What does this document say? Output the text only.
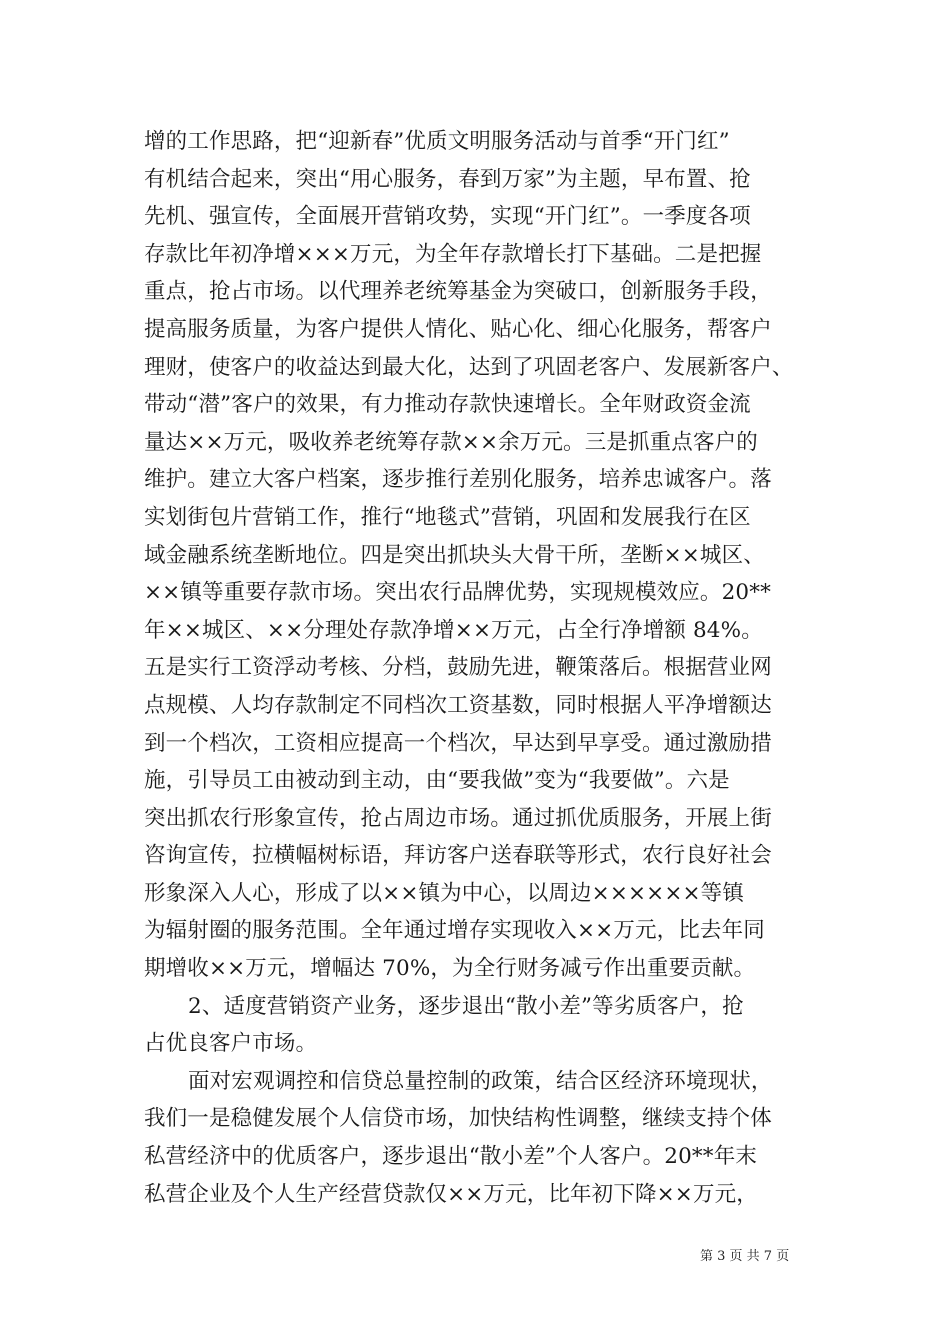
增的工作思路，把“迎新春”优质文明服务活动与首季“开门红”
有机结合起来，突出“用心服务，春到万家”为主题，早布置、抢
先机、强宣传，全面展开营销攻势，实现“开门红”。一季度各项
存款比年初净增×××万元，为全年存款增长打下基础。二是把握
重点，抢占市场。以代理养老统筹基金为突破口，创新服务手段，
提高服务质量，为客户提供人情化、贴心化、细心化服务，帮客户
理财，使客户的收益达到最大化，达到了巩固老客户、发展新客户、
带动“潜”客户的效果，有力推动存款快速增长。全年财政资金流
量达××万元，吸收养老统筹存款××余万元。三是抓重点客户的
维护。建立大客户档案，逐步推行差别化服务，培养忠诚客户。落
实划街包片营销工作，推行“地毯式”营销，巩固和发展我行在区
域金融系统垄断地位。四是突出抓块头大骨干所，垄断××城区、
××镇等重要存款市场。突出农行品牌优势，实现规模效应。20**
年××城区、××分理处存款净增××万元，占全行净增额 84%。
五是实行工资浮动考核、分档，鼓励先进，鞭策落后。根据营业网
点规模、人均存款制定不同档次工资基数，同时根据人平净增额达
到一个档次，工资相应提高一个档次，早达到早享受。通过激励措
施，引导员工由被动到主动，由“要我做”变为“我要做”。六是
突出抓农行形象宣传，抢占周边市场。通过抓优质服务，开展上街
咨询宣传，拉横幅树标语，拜访客户送春联等形式，农行良好社会
形象深入人心，形成了以××镇为中心，以周边××××××等镇
为辐射圈的服务范围。全年通过增存实现收入××万元，比去年同
期增收××万元，增幅达 70%，为全行财务减亏作出重要贡献。
2、适度营销资产业务，逐步退出“散小差”等劣质客户，抢
占优良客户市场。
面对宏观调控和信贷总量控制的政策，结合区经济环境现状，
我们一是稳健发展个人信贷市场，加快结构性调整，继续支持个体
私营经济中的优质客户，逐步退出“散小差”个人客户。20**年末
私营企业及个人生产经营贷款仅××万元，比年初下降××万元，
第 3 页 共 7 页
